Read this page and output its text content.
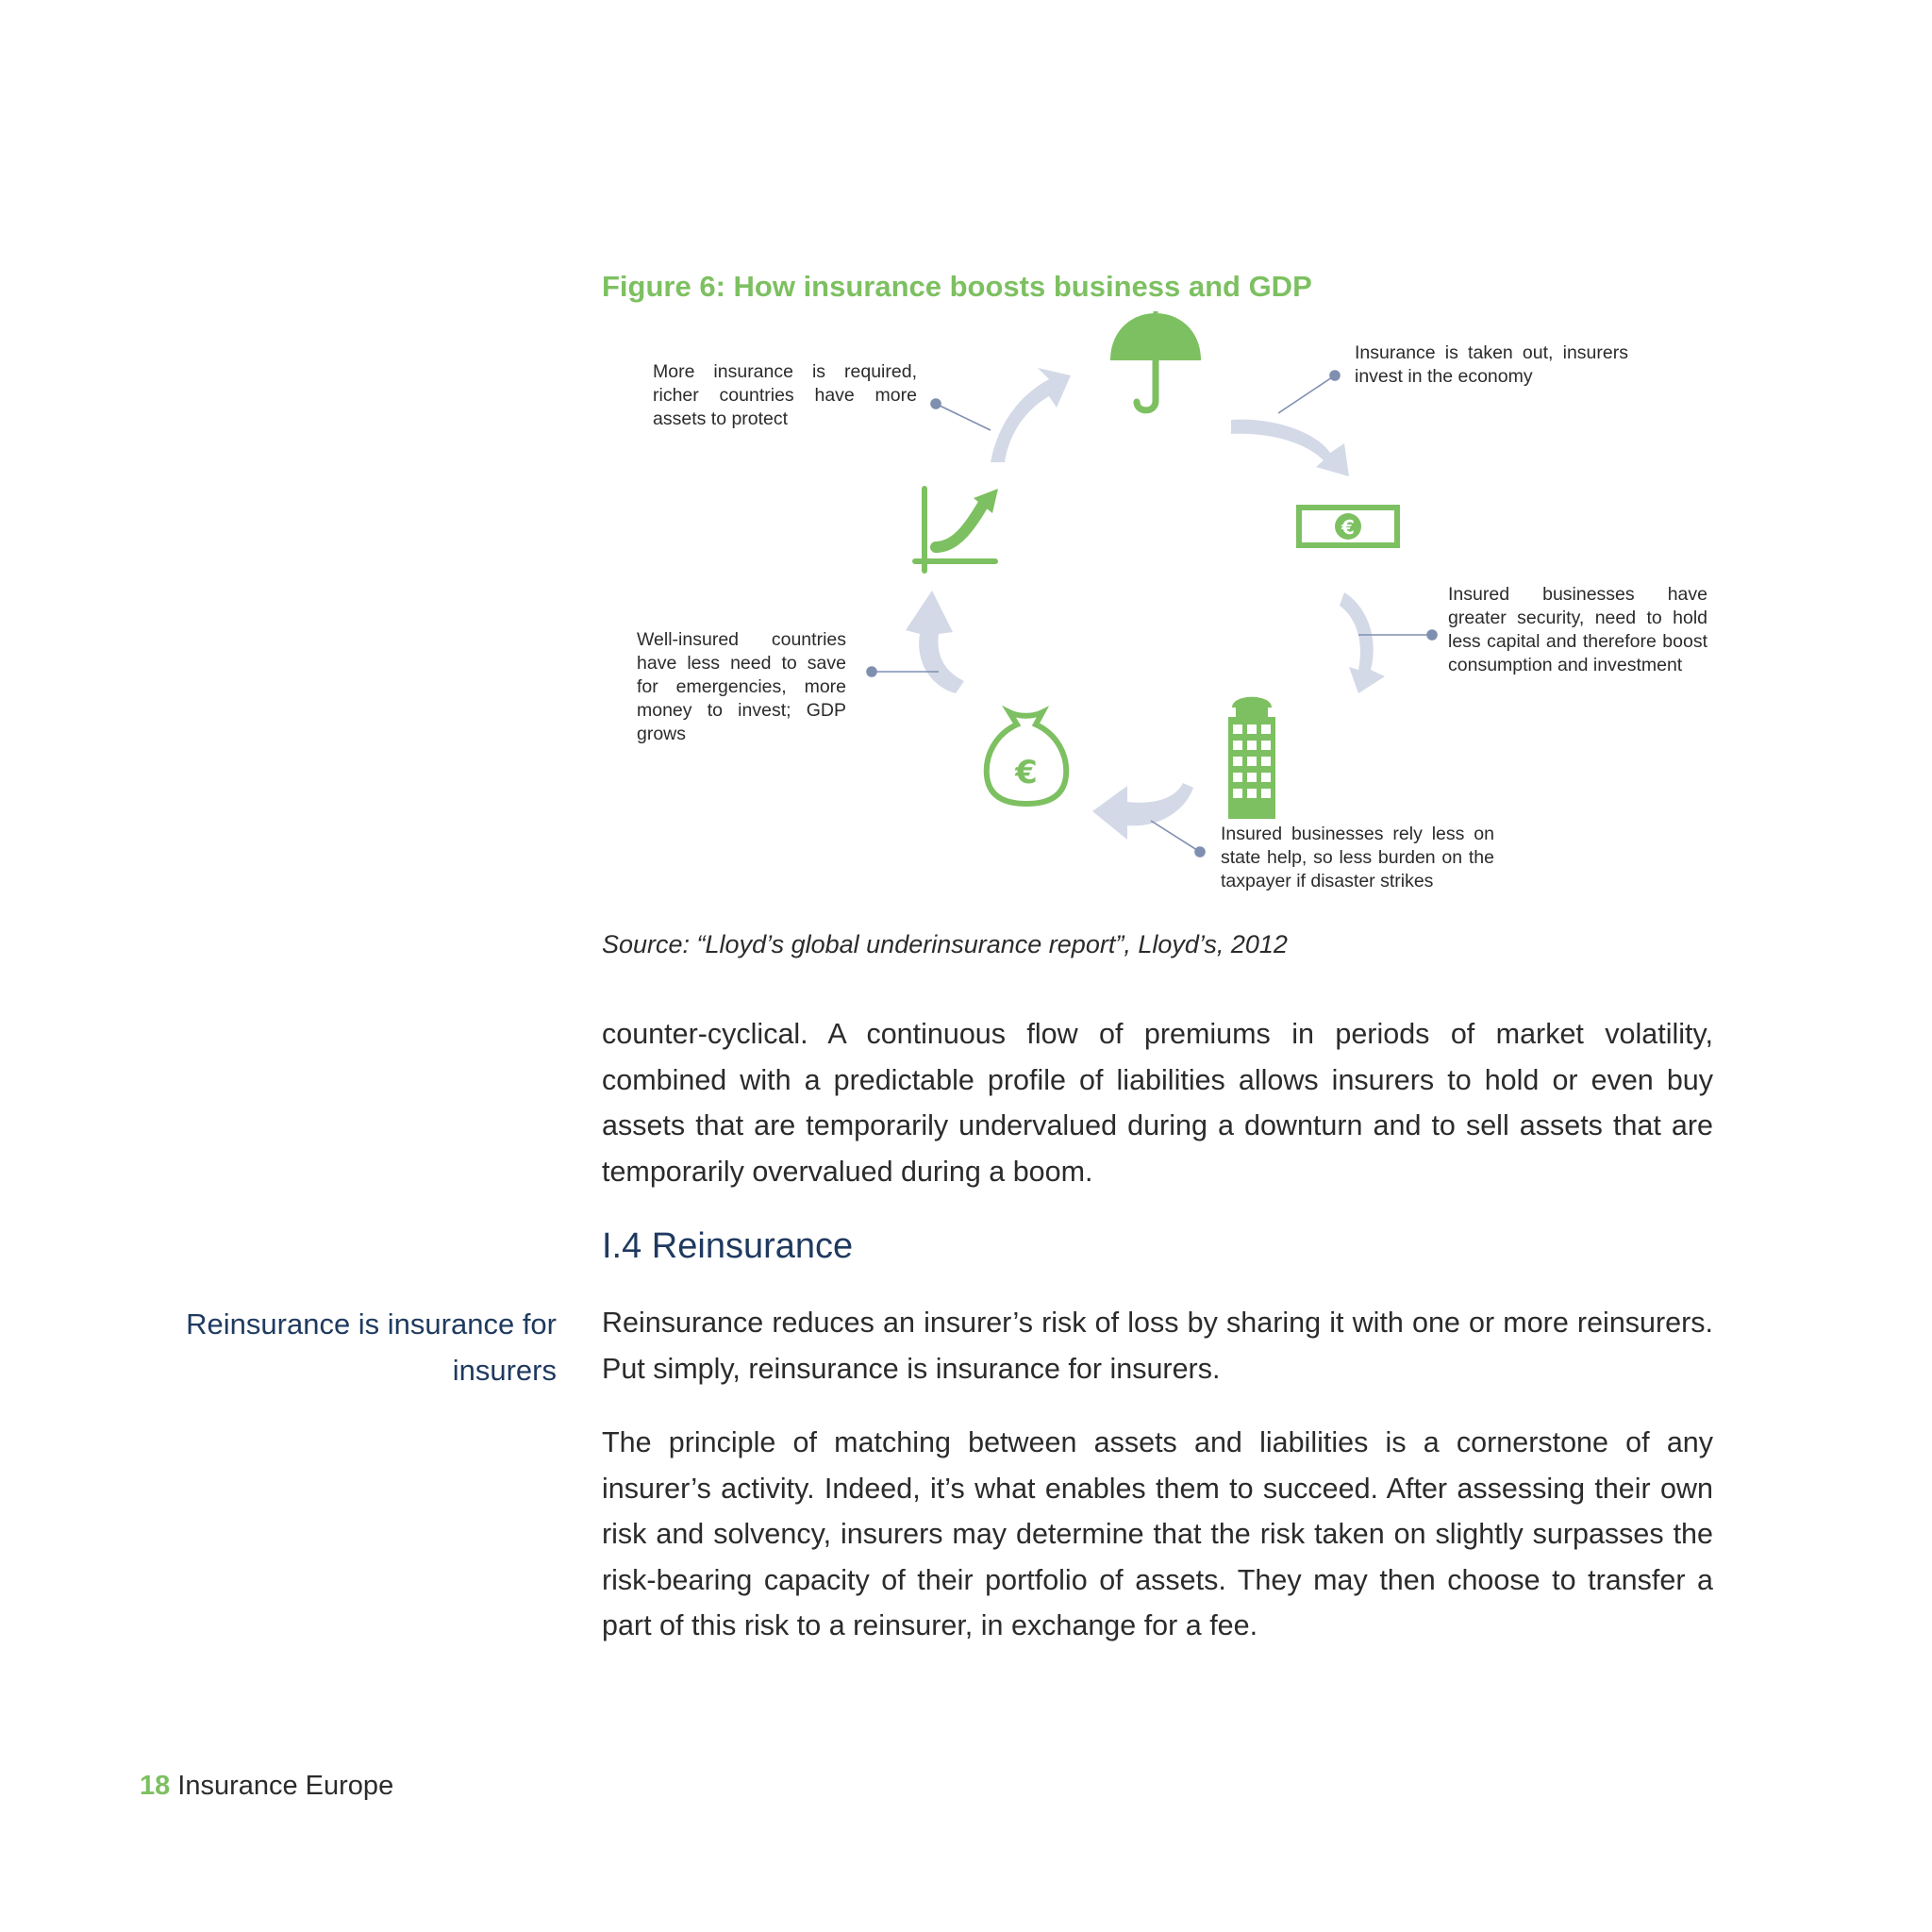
Figure 6: How insurance boosts business and GDP
€
€
More insurance is required, richer countries have more assets to protect
Insurance is taken out, insurers invest in the economy
Insured businesses have greater security, need to hold less capital and therefore boost consumption and investment
Insured businesses rely less on state help, so less burden on the taxpayer if disaster strikes
Well-insured countries have less need to save for emergencies, more money to invest; GDP grows
Source: “Lloyd’s global underinsurance report”, Lloyd’s, 2012
counter-cyclical. A continuous flow of premiums in periods of market volatility, combined with a predictable profile of liabilities allows insurers to hold or even buy assets that are temporarily undervalued during a downturn and to sell assets that are temporarily overvalued during a boom.
I.4 Reinsurance
Reinsurance is insurance for insurers
Reinsurance reduces an insurer’s risk of loss by sharing it with one or more reinsurers. Put simply, reinsurance is insurance for insurers.
The principle of matching between assets and liabilities is a cornerstone of any insurer’s activity. Indeed, it’s what enables them to succeed. After assessing their own risk and solvency, insurers may determine that the risk taken on slightly surpasses the risk-bearing capacity of their portfolio of assets. They may then choose to transfer a part of this risk to a reinsurer, in exchange for a fee.
18 Insurance Europe
